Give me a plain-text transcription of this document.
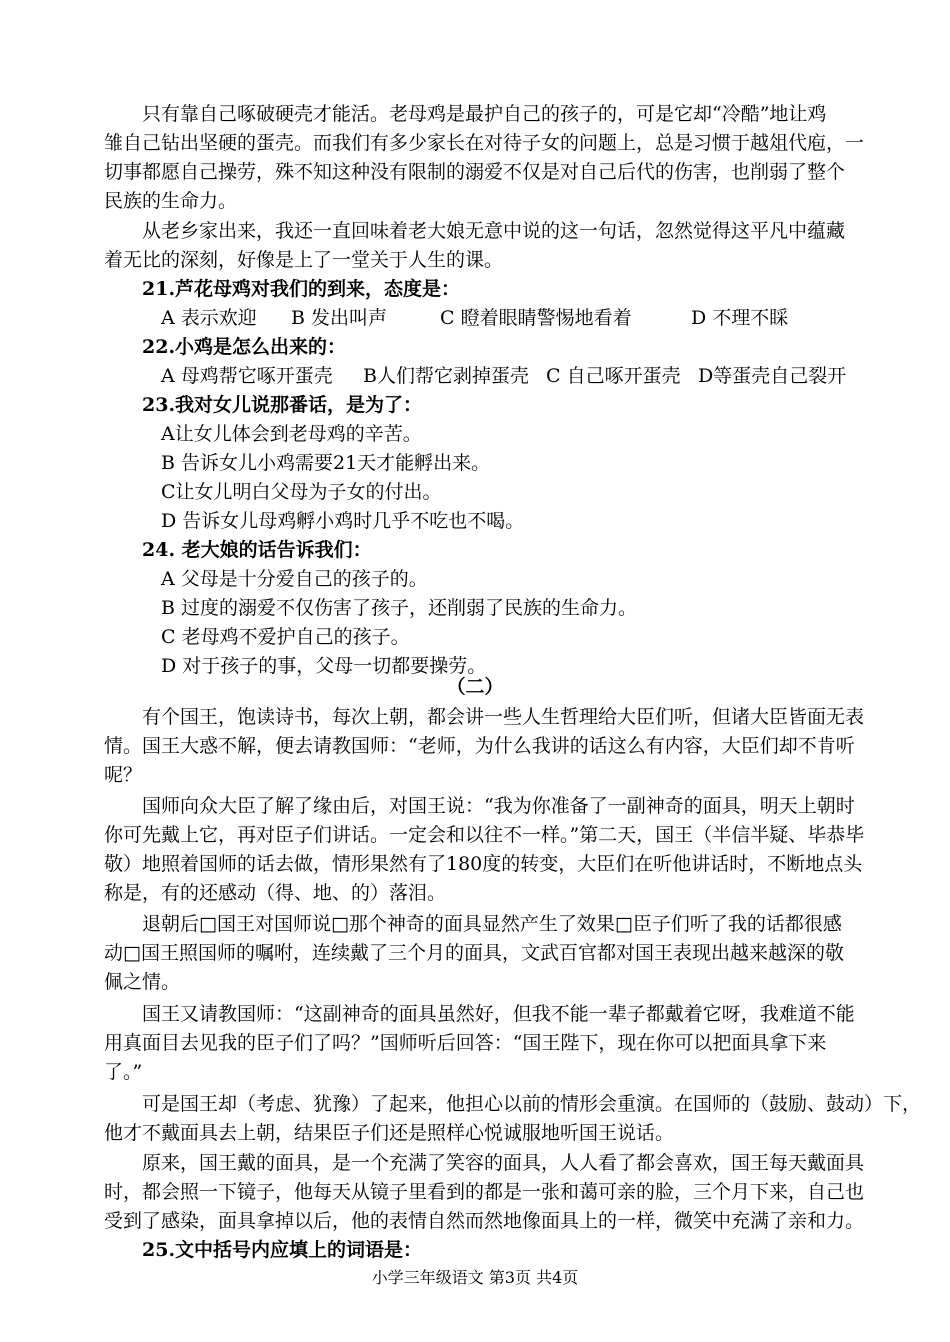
只有靠自己啄破硬壳才能活。老母鸡是最护自己的孩子的，可是它却“冷酷”地让鸡
雏自己钻出坚硬的蛋壳。而我们有多少家长在对待子女的问题上，总是习惯于越俎代庖，一
切事都愿自己操劳，殊不知这种没有限制的溺爱不仅是对自己后代的伤害，也削弱了整个
民族的生命力。
从老乡家出来，我还一直回味着老大娘无意中说的这一句话，忽然觉得这平凡中蕴藏
着无比的深刻，好像是上了一堂关于人生的课。
21.芦花母鸡对我们的到来，态度是：
A 表示欢迎 B 发出叫声	C 瞪着眼睛警惕地看着	D 不理不睬
22.小鸡是怎么出来的：
A 母鸡帮它啄开蛋壳 B人们帮它剥掉蛋壳 C 自己啄开蛋壳 D等蛋壳自己裂开
23.我对女儿说那番话，是为了：
A让女儿体会到老母鸡的辛苦。
B 告诉女儿小鸡需要21天才能孵出来。
C让女儿明白父母为子女的付出。
D 告诉女儿母鸡孵小鸡时几乎不吃也不喝。
24. 老大娘的话告诉我们：
A 父母是十分爱自己的孩子的。
B 过度的溺爱不仅伤害了孩子，还削弱了民族的生命力。
C 老母鸡不爱护自己的孩子。
D 对于孩子的事，父母一切都要操劳。
（二）
有个国王，饱读诗书，每次上朝，都会讲一些人生哲理给大臣们听，但诸大臣皆面无表
情。国王大惑不解，便去请教国师：“老师，为什么我讲的话这么有内容，大臣们却不肯听
呢？
国师向众大臣了解了缘由后，对国王说：“我为你准备了一副神奇的面具，明天上朝时
你可先戴上它，再对臣子们讲话。一定会和以往不一样。”第二天，国王（半信半疑、毕恭毕
敬）地照着国师的话去做，情形果然有了180度的转变，大臣们在听他讲话时，不断地点头
称是，有的还感动（得、地、的）落泪。
退朝后□国王对国师说□那个神奇的面具显然产生了效果□臣子们听了我的话都很感
动□国王照国师的嘱咐，连续戴了三个月的面具，文武百官都对国王表现出越来越深的敬
佩之情。
国王又请教国师：“这副神奇的面具虽然好，但我不能一辈子都戴着它呀，我难道不能
用真面目去见我的臣子们了吗？”国师听后回答：“国王陛下，现在你可以把面具拿下来
了。”
可是国王却（考虑、犹豫）了起来，他担心以前的情形会重演。在国师的（鼓励、鼓动）下，
他才不戴面具去上朝，结果臣子们还是照样心悦诚服地听国王说话。
原来，国王戴的面具，是一个充满了笑容的面具，人人看了都会喜欢，国王每天戴面具
时，都会照一下镜子，他每天从镜子里看到的都是一张和蔼可亲的脸，三个月下来，自己也
受到了感染，面具拿掉以后，他的表情自然而然地像面具上的一样，微笑中充满了亲和力。
25.文中括号内应填上的词语是：
小学三年级语文 第3页 共4页
